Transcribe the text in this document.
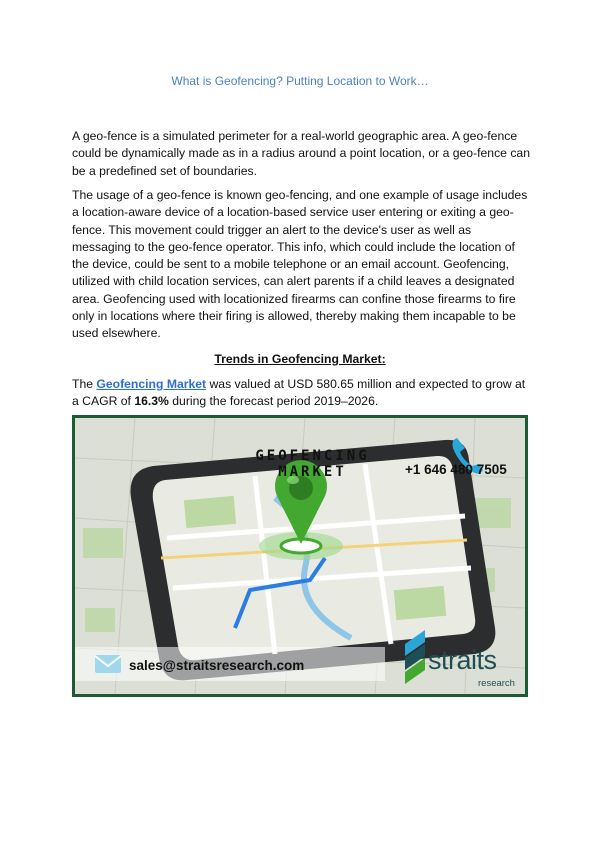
What is Geofencing? Putting Location to Work…

A geo-fence is a simulated perimeter for a real-world geographic area. A geo-fence could be dynamically made as in a radius around a point location, or a geo-fence can be a predefined set of boundaries.

The usage of a geo-fence is known geo-fencing, and one example of usage includes a location-aware device of a location-based service user entering or exiting a geo-fence. This movement could trigger an alert to the device's user as well as messaging to the geo-fence operator. This info, which could include the location of the device, could be sent to a mobile telephone or an email account. Geofencing, utilized with child location services, can alert parents if a child leaves a designated area. Geofencing used with locationized firearms can confine those firearms to fire only in locations where their firing is allowed, thereby making them incapable to be used elsewhere.

Trends in Geofencing Market:

The Geofencing Market was valued at USD 580.65 million and expected to grow at a CAGR of 16.3% during the forecast period 2019–2026.

GEOFENCING MARKET	+1 646 480 7505
sales@straitsresearch.com	straits
research
